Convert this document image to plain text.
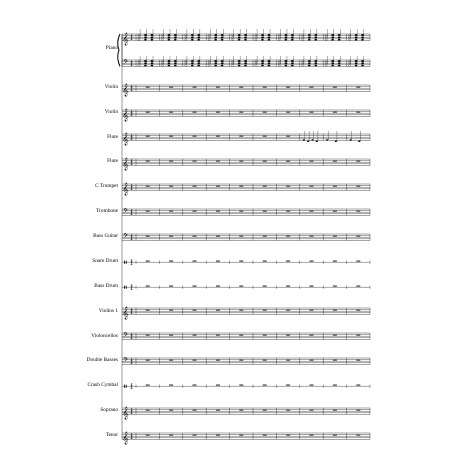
Piano
Violin
Violin
Flute
Flute
C Trumpet
Trombone
Bass Guitar
Snare Drum
Bass Drum
Violins 1
Violoncellos
Double Basses
Crash Cymbal
Soprano
Tenor
𝄞 4
4
𝄢 4
4
𝄞 4
4
𝄞 4
4
𝄞 4
4
𝄞 4
4
𝄞 4
4
𝄢 4
4
𝄢 4
4
4
4
4
4
𝄞 4
4
𝄢 4
4
𝄢 4
4
4
4
𝄞 4
4
𝄞 4
4
